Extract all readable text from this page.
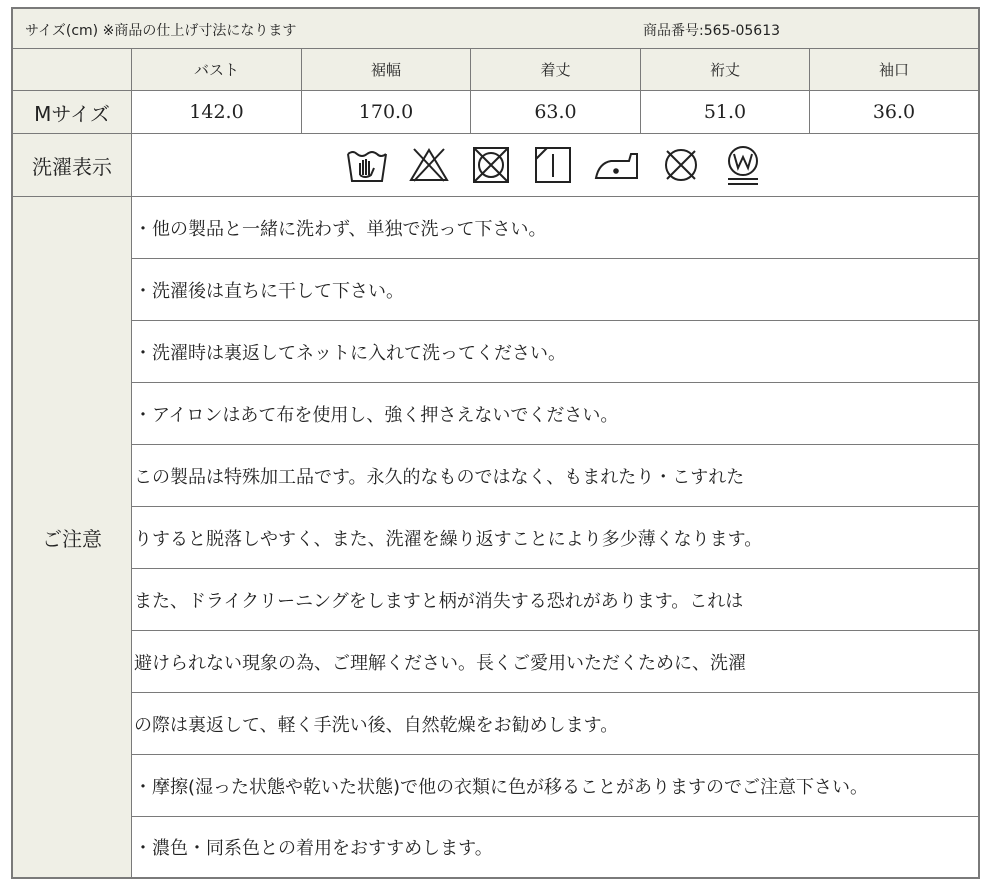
サイズ(cm) ※商品の仕上げ寸法になります	商品番号:565-05613
バスト	裾幅	着丈	裄丈	袖口
Mサイズ	142.0	170.0	63.0	51.0	36.0
洗濯表示
ご注意
・他の製品と一緒に洗わず、単独で洗って下さい。
・洗濯後は直ちに干して下さい。
・洗濯時は裏返してネットに入れて洗ってください。
・アイロンはあて布を使用し、強く押さえないでください。
この製品は特殊加工品です。永久的なものではなく、もまれたり・こすれた
りすると脱落しやすく、また、洗濯を繰り返すことにより多少薄くなります。
また、ドライクリーニングをしますと柄が消失する恐れがあります。これは
避けられない現象の為、ご理解ください。長くご愛用いただくために、洗濯
の際は裏返して、軽く手洗い後、自然乾燥をお勧めします。
・摩擦(湿った状態や乾いた状態)で他の衣類に色が移ることがありますのでご注意下さい。
・濃色・同系色との着用をおすすめします。
